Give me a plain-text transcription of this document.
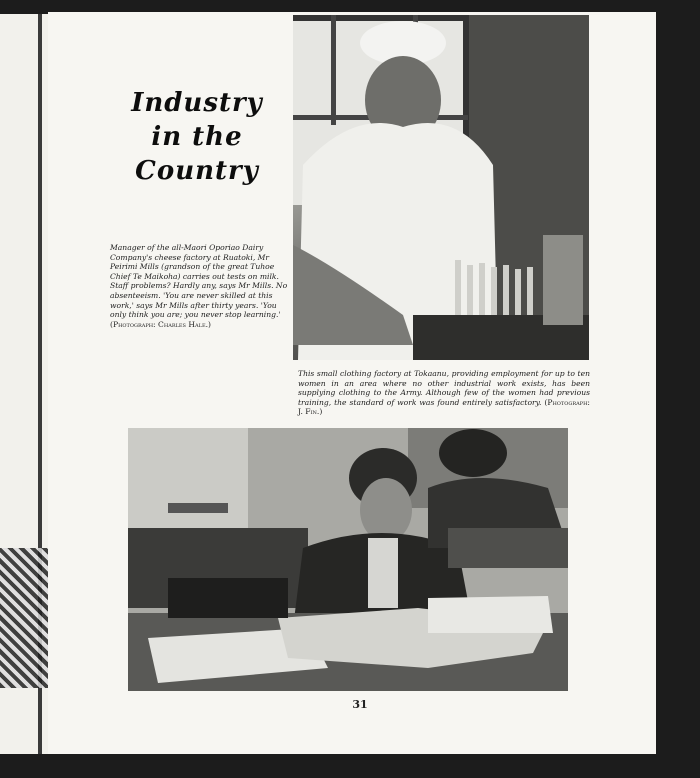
Industry
in the
Country
Manager of the all-Maori Oporiao Dairy Company's cheese factory at Ruatoki, Mr Peirimi Mills (grandson of the great Tuhoe Chief Te Maikoha) carries out tests on milk. Staff problems? Hardly any, says Mr Mills. No absenteeism. 'You are never skilled at this work,' says Mr Mills after thirty years. 'You only think you are; you never stop learning.' (Photograph: Charles Hale.)
This small clothing factory at Tokaanu, providing employment for up to ten women in an area where no other industrial work exists, has been supplying clothing to the Army. Although few of the women had previous training, the standard of work was found entirely satisfactory. (Photograph: J. Fin.)
31
